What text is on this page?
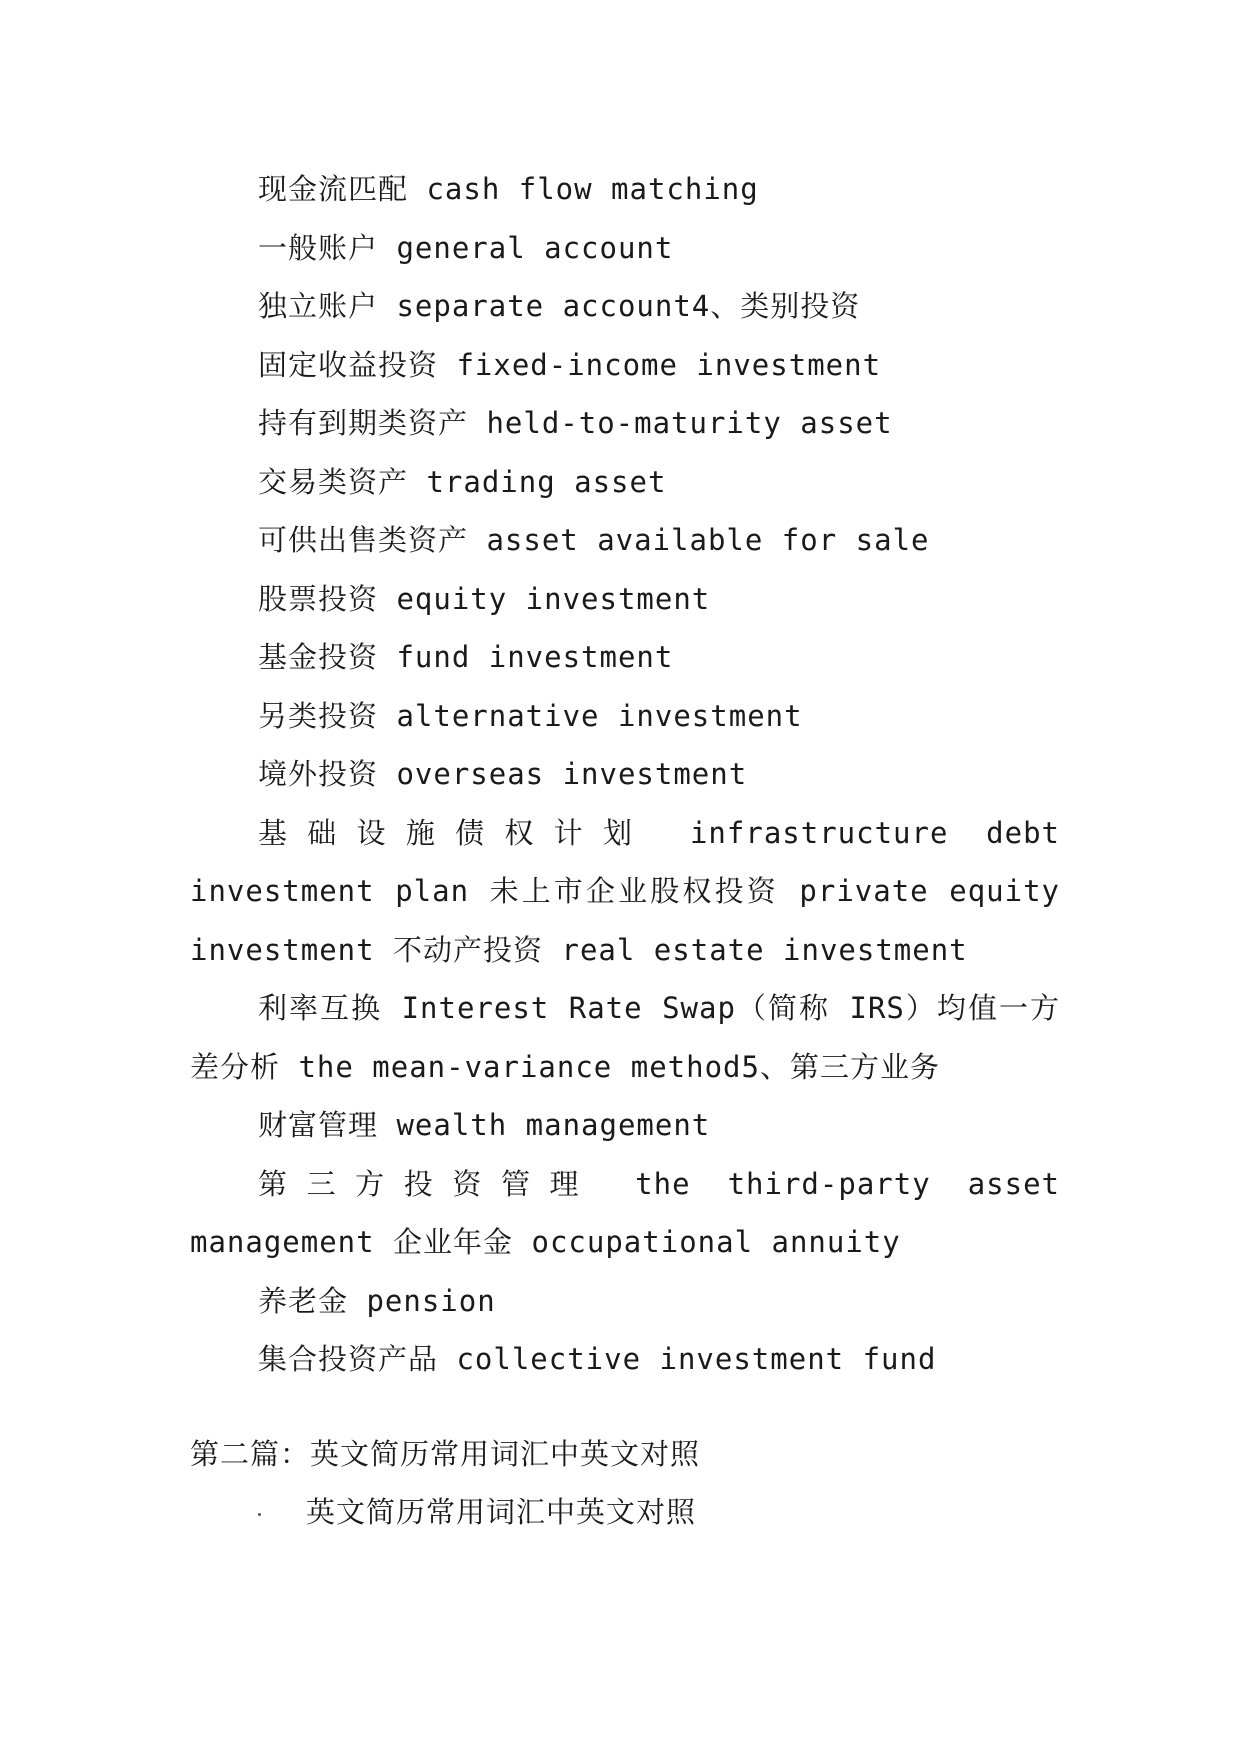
现金流匹配 cash flow matching

一般账户 general account

独立账户 separate account4、类别投资

固定收益投资 fixed-income investment

持有到期类资产 held-to-maturity asset

交易类资产 trading asset

可供出售类资产 asset available for sale

股票投资 equity investment

基金投资 fund investment

另类投资 alternative investment

境外投资 overseas investment

基础设施债权计划 infrastructure debt investment plan 未上市企业股权投资 private equity investment 不动产投资 real estate investment

利率互换 Interest Rate Swap（简称 IRS）均值一方差分析 the mean-variance method5、第三方业务

财富管理 wealth management

第三方投资管理 the third-party asset management 企业年金 occupational annuity

养老金 pension

集合投资产品 collective investment fund

第二篇：英文简历常用词汇中英文对照

英文简历常用词汇中英文对照
